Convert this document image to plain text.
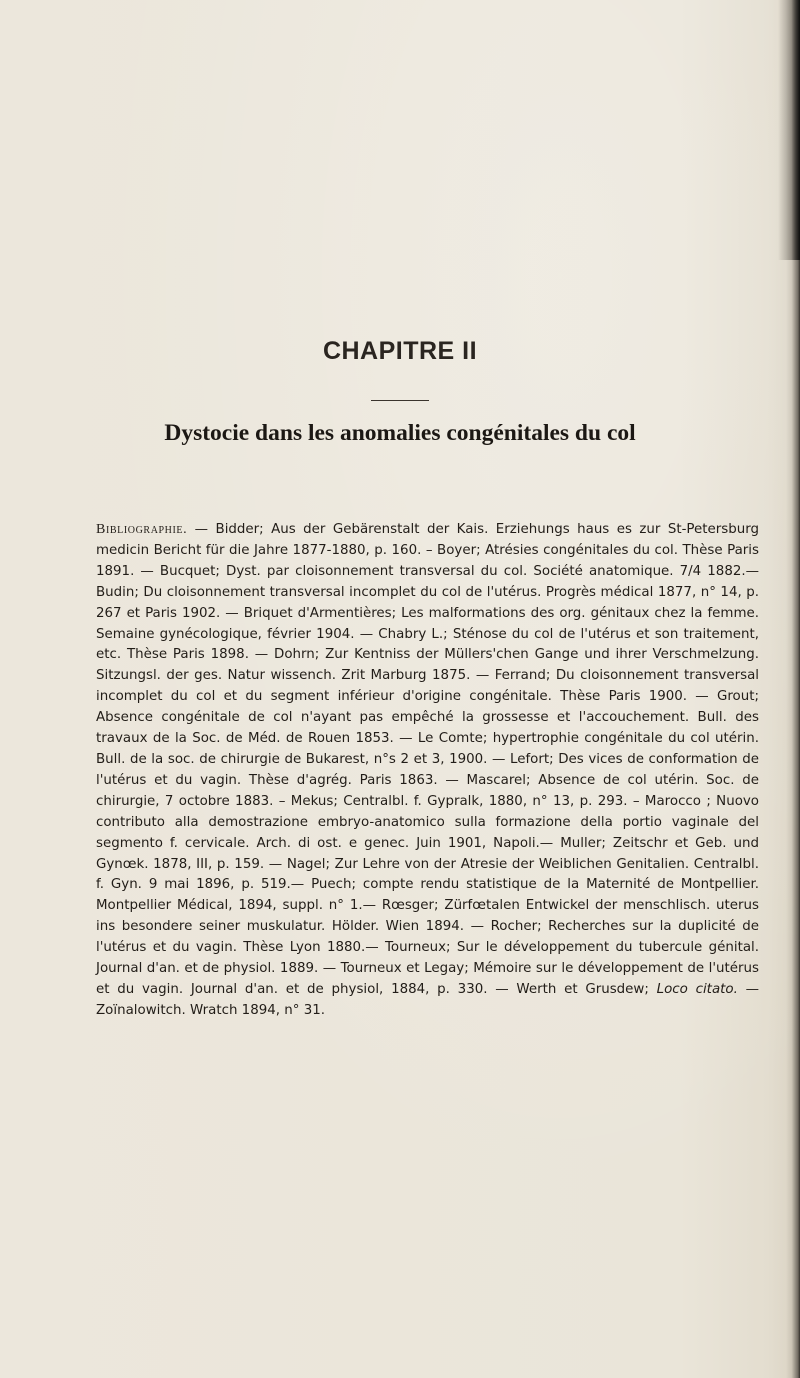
CHAPITRE II
Dystocie dans les anomalies congénitales du col

Bibliographie. — Bidder; Aus der Gebärenstalt der Kais. Erziehungs haus es zur St-Petersburg medicin Bericht für die Jahre 1877-1880, p. 160. – Boyer; Atrésies congénitales du col. Thèse Paris 1891. — Bucquet; Dyst. par cloisonnement transversal du col. Société anatomique. 7/4 1882.— Budin; Du cloisonnement transversal incomplet du col de l'utérus. Progrès médical 1877, n° 14, p. 267 et Paris 1902. — Briquet d'Armentières; Les malformations des org. génitaux chez la femme. Semaine gynécologique, février 1904. — Chabry L.; Sténose du col de l'utérus et son traitement, etc. Thèse Paris 1898. — Dohrn; Zur Kentniss der Müllers'chen Gange und ihrer Verschmelzung. Sitzungsl. der ges. Natur wissench. Zrit Marburg 1875. — Ferrand; Du cloisonnement transversal incomplet du col et du segment inférieur d'origine congénitale. Thèse Paris 1900. — Grout; Absence congénitale de col n'ayant pas empêché la grossesse et l'accouchement. Bull. des travaux de la Soc. de Méd. de Rouen 1853. — Le Comte; hypertrophie congénitale du col utérin. Bull. de la soc. de chirurgie de Bukarest, n°s 2 et 3, 1900. — Lefort; Des vices de conformation de l'utérus et du vagin. Thèse d'agrég. Paris 1863. — Mascarel; Absence de col utérin. Soc. de chirurgie, 7 octobre 1883. – Mekus; Centralbl. f. Gypralk, 1880, n° 13, p. 293. – Marocco ; Nuovo contributo alla demostrazione embryo-anatomico sulla formazione della portio vaginale del segmento f. cervicale. Arch. di ost. e genec. Juin 1901, Napoli.— Muller; Zeitschr et Geb. und Gynœk. 1878, III, p. 159. — Nagel; Zur Lehre von der Atresie der Weiblichen Genitalien. Centralbl. f. Gyn. 9 mai 1896, p. 519.— Puech; compte rendu statistique de la Maternité de Montpellier. Montpellier Médical, 1894, suppl. n° 1.— Rœsger; Zürfœtalen Entwickel der menschlisch. uterus ins besondere seiner muskulatur. Hölder. Wien 1894. — Rocher; Recherches sur la duplicité de l'utérus et du vagin. Thèse Lyon 1880.— Tourneux; Sur le développement du tubercule génital. Journal d'an. et de physiol. 1889. — Tourneux et Legay; Mémoire sur le développement de l'utérus et du vagin. Journal d'an. et de physiol, 1884, p. 330. — Werth et Grusdew; Loco citato. — Zoïnalowitch. Wratch 1894, n° 31.
